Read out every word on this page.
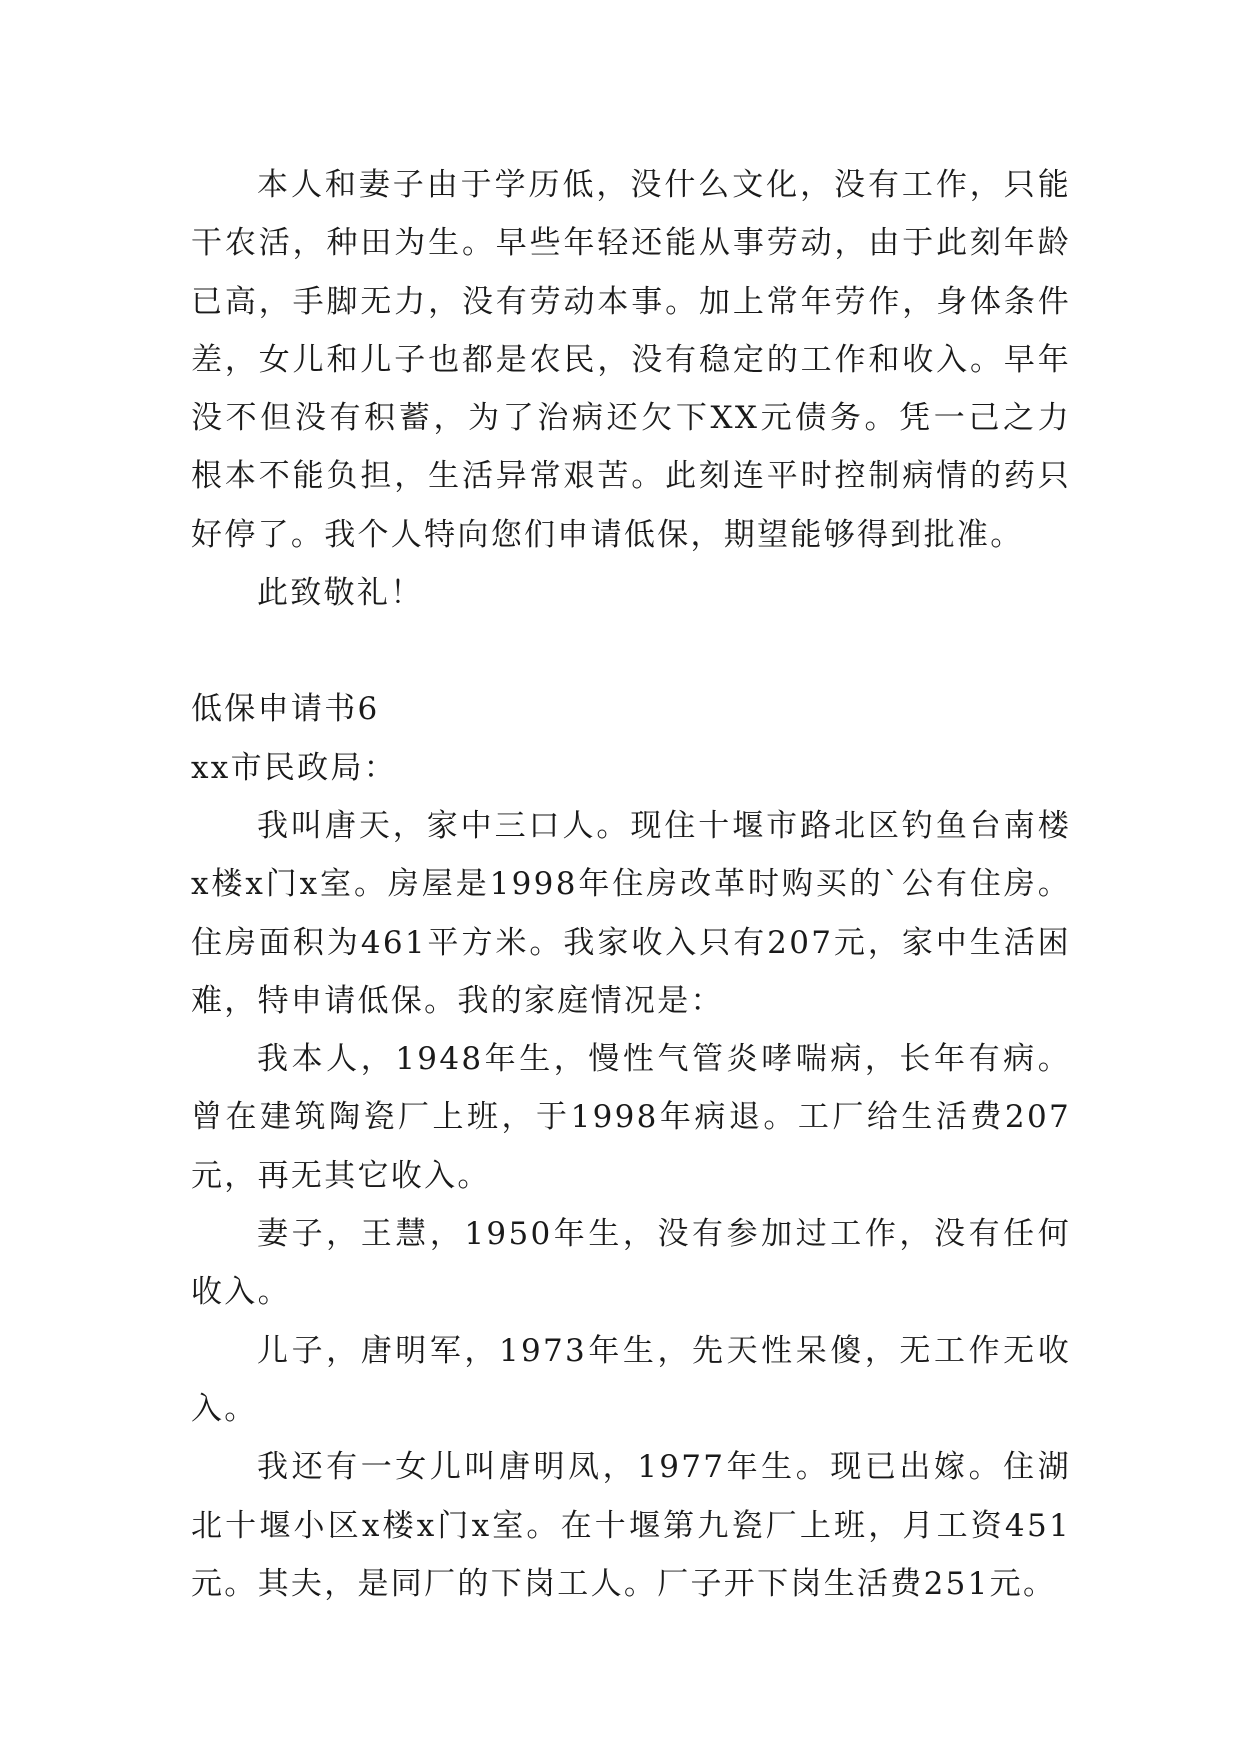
本人和妻子由于学历低，没什么文化，没有工作，只能干农活，种田为生。早些年轻还能从事劳动，由于此刻年龄已高，手脚无力，没有劳动本事。加上常年劳作，身体条件差，女儿和儿子也都是农民，没有稳定的工作和收入。早年没不但没有积蓄，为了治病还欠下XX元债务。凭一己之力根本不能负担，生活异常艰苦。此刻连平时控制病情的药只好停了。我个人特向您们申请低保，期望能够得到批准。

此致敬礼！

低保申请书6

xx市民政局：

我叫唐天，家中三口人。现住十堰市路北区钓鱼台南楼x楼x门x室。房屋是1998年住房改革时购买的`公有住房。住房面积为461平方米。我家收入只有207元，家中生活困难，特申请低保。我的家庭情况是：

我本人，1948年生，慢性气管炎哮喘病，长年有病。曾在建筑陶瓷厂上班，于1998年病退。工厂给生活费207元，再无其它收入。

妻子，王慧，1950年生，没有参加过工作，没有任何收入。

儿子，唐明军，1973年生，先天性呆傻，无工作无收入。

我还有一女儿叫唐明凤，1977年生。现已出嫁。住湖北十堰小区x楼x门x室。在十堰第九瓷厂上班，月工资451元。其夫，是同厂的下岗工人。厂子开下岗生活费251元。
